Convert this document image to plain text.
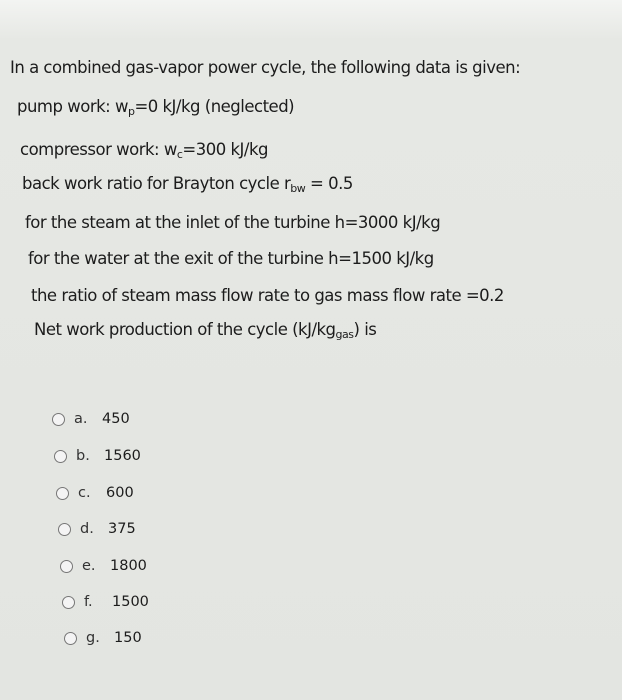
In a combined gas-vapor power cycle, the following data is given:
pump work: $w_p=0$ kJ/kg (neglected)
compressor work: $w_c=300$ kJ/kg
back work ratio for Brayton cycle $r_{bw} = 0.5$
for the steam at the inlet of the turbine h=3000 kJ/kg
for the water at the exit of the turbine h=1500 kJ/kg
the ratio of steam mass flow rate to gas mass flow rate =0.2
Net work production of the cycle $(kJ/kg_{gas})$ is
a.	450
b. 1560
c.	600
d. 375
e. 1800
f.	1500
g. 150
